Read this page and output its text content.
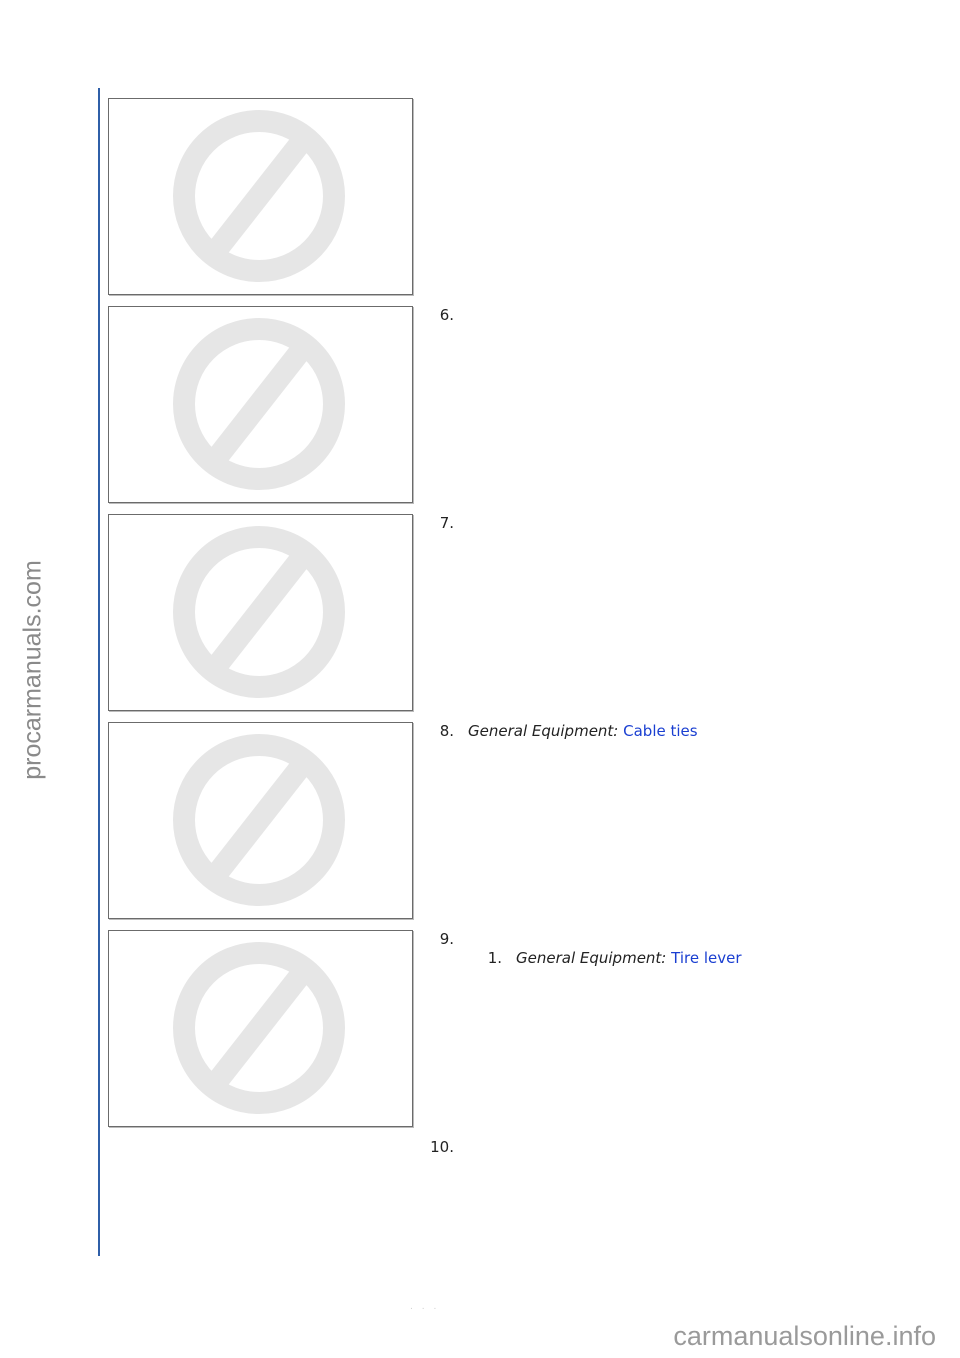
procarmanuals.com
6.
7.
8. General Equipment: Cable ties
9.
1. General Equipment: Tire lever
10.
. . .
carmanualsonline.info
